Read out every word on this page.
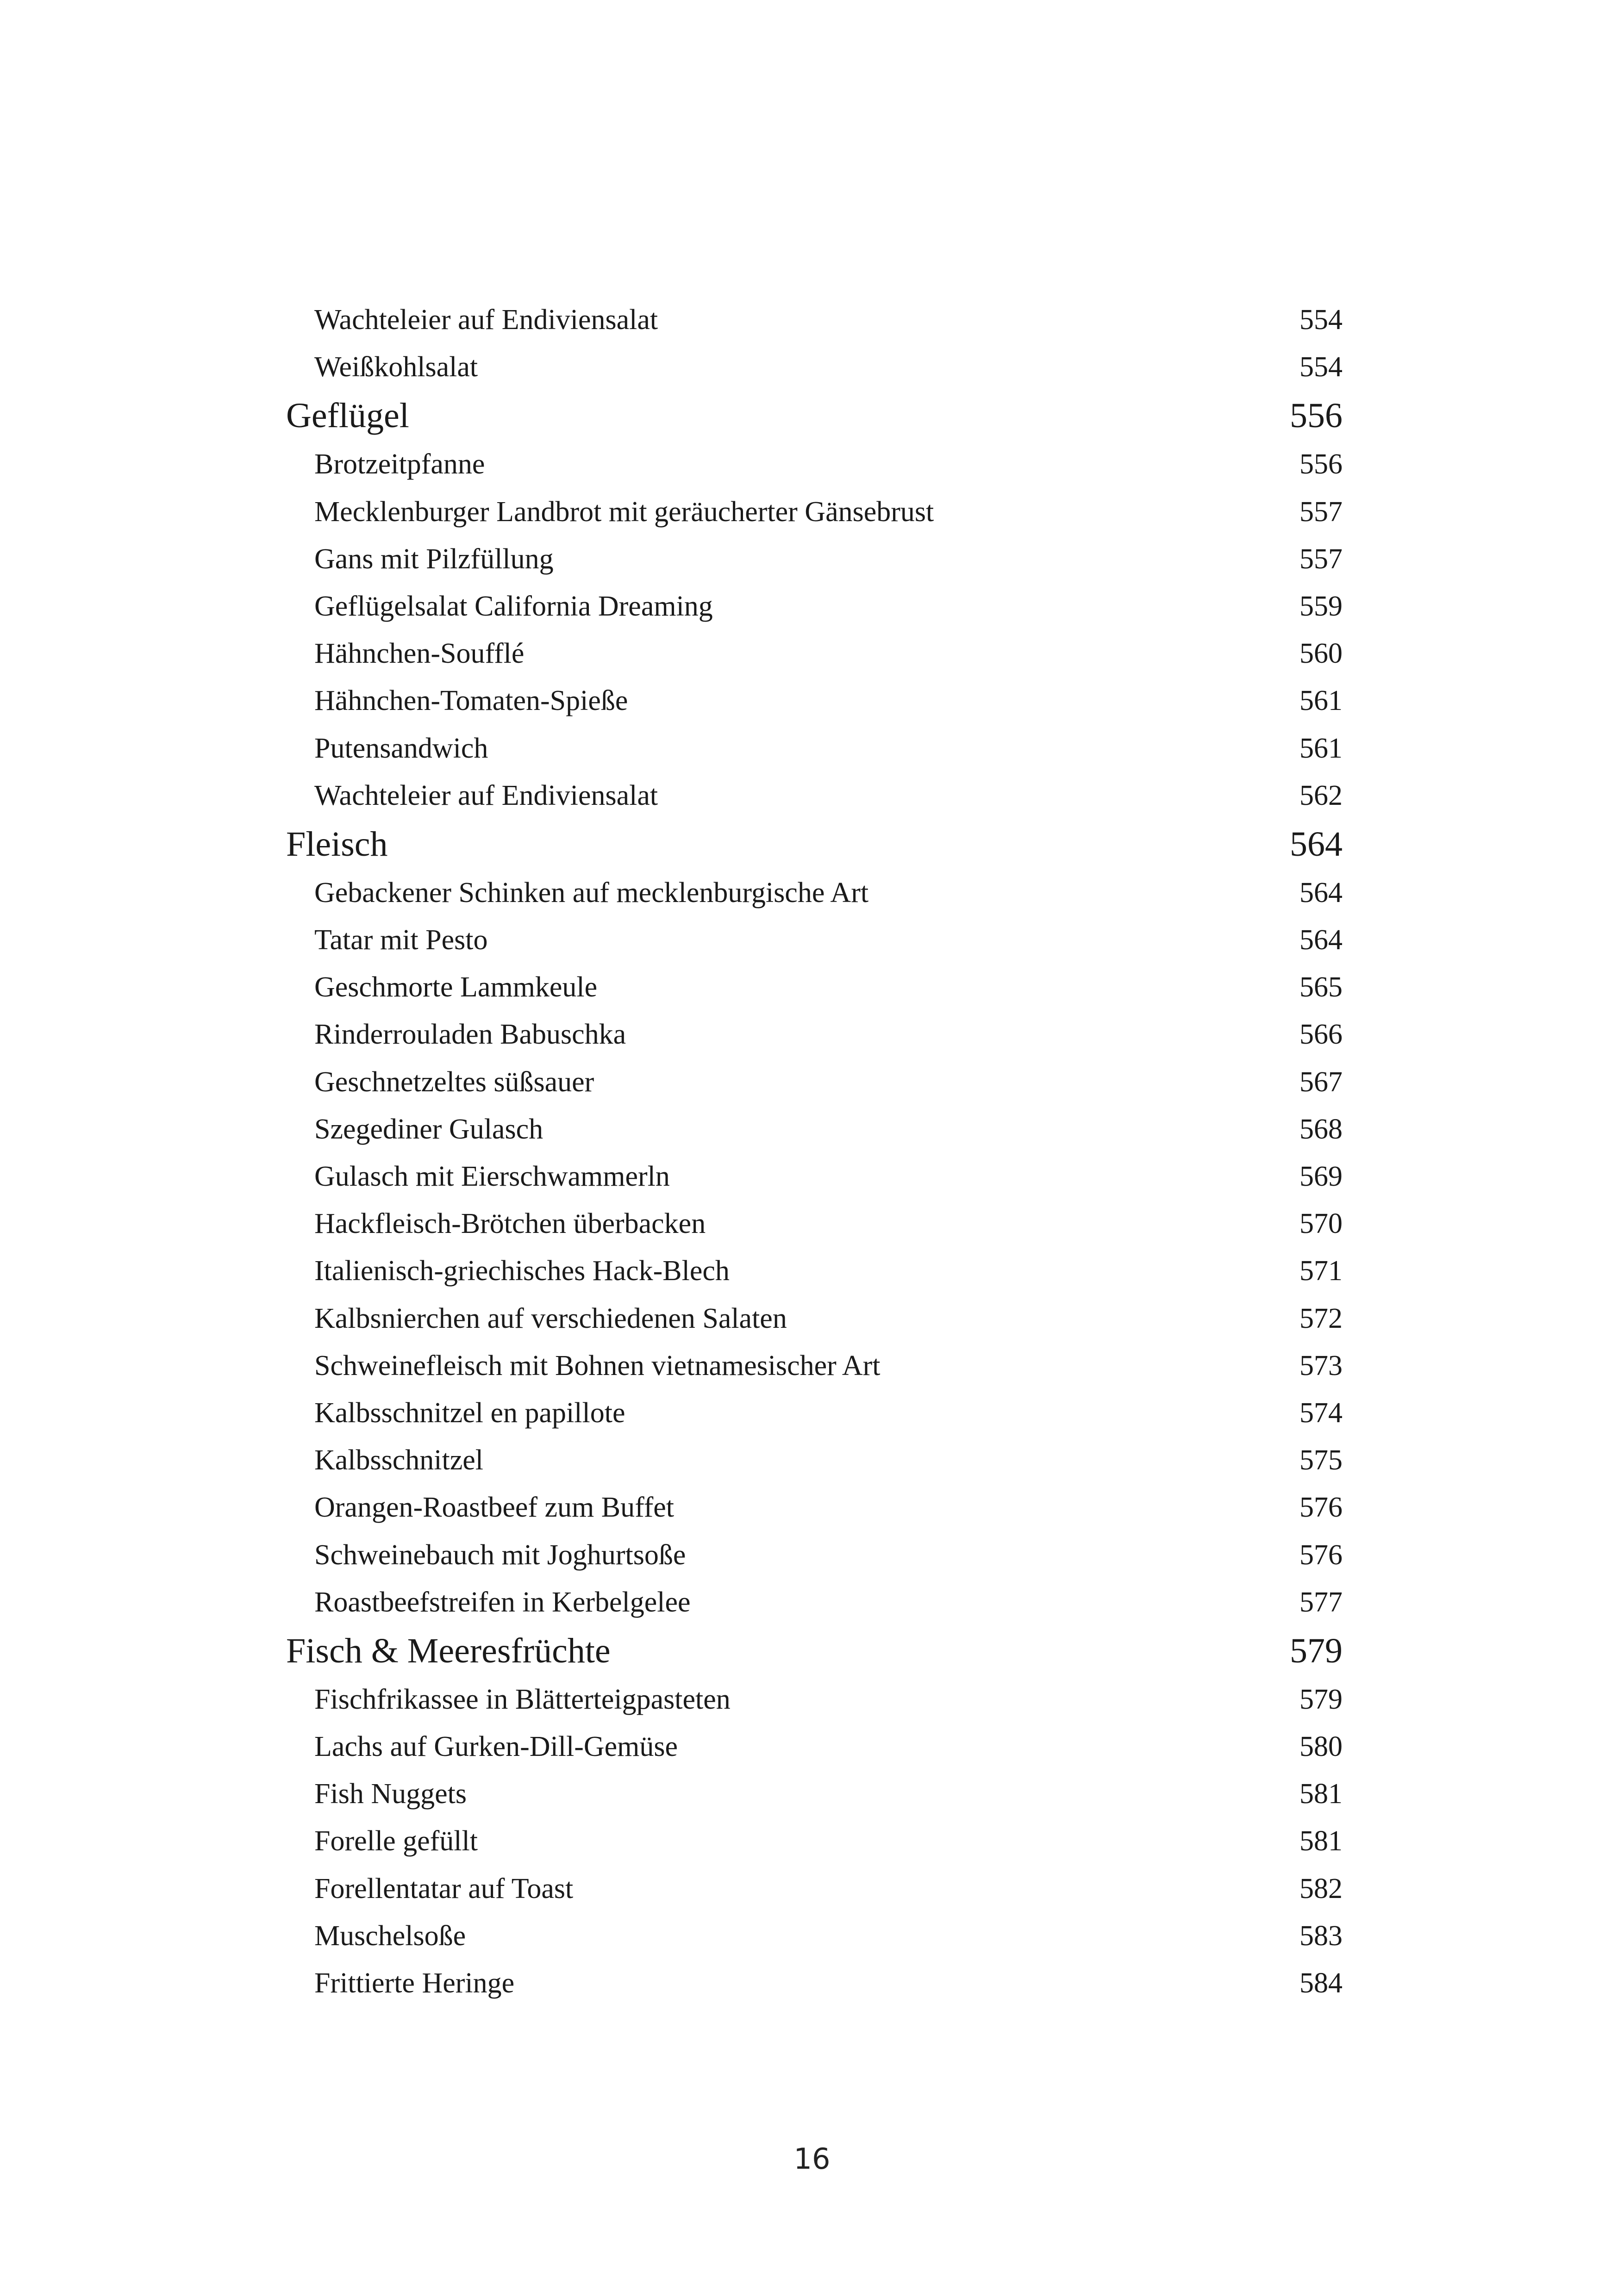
Wachteleier auf Endiviensalat	554
Weißkohlsalat	554
Geflügel	556
Brotzeitpfanne	556
Mecklenburger Landbrot mit geräucherter Gänsebrust	557
Gans mit Pilzfüllung	557
Geflügelsalat California Dreaming	559
Hähnchen-Soufflé	560
Hähnchen-Tomaten-Spieße	561
Putensandwich	561
Wachteleier auf Endiviensalat	562
Fleisch	564
Gebackener Schinken auf mecklenburgische Art	564
Tatar mit Pesto	564
Geschmorte Lammkeule	565
Rinderrouladen Babuschka	566
Geschnetzeltes süßsauer	567
Szegediner Gulasch	568
Gulasch mit Eierschwammerln	569
Hackfleisch-Brötchen überbacken	570
Italienisch-griechisches Hack-Blech	571
Kalbsnierchen auf verschiedenen Salaten	572
Schweinefleisch mit Bohnen vietnamesischer Art	573
Kalbsschnitzel en papillote	574
Kalbsschnitzel	575
Orangen-Roastbeef zum Buffet	576
Schweinebauch mit Joghurtsoße	576
Roastbeefstreifen in Kerbelgelee	577
Fisch & Meeresfrüchte	579
Fischfrikassee in Blätterteigpasteten	579
Lachs auf Gurken-Dill-Gemüse	580
Fish Nuggets	581
Forelle gefüllt	581
Forellentatar auf Toast	582
Muschelsoße	583
Frittierte Heringe	584
16
